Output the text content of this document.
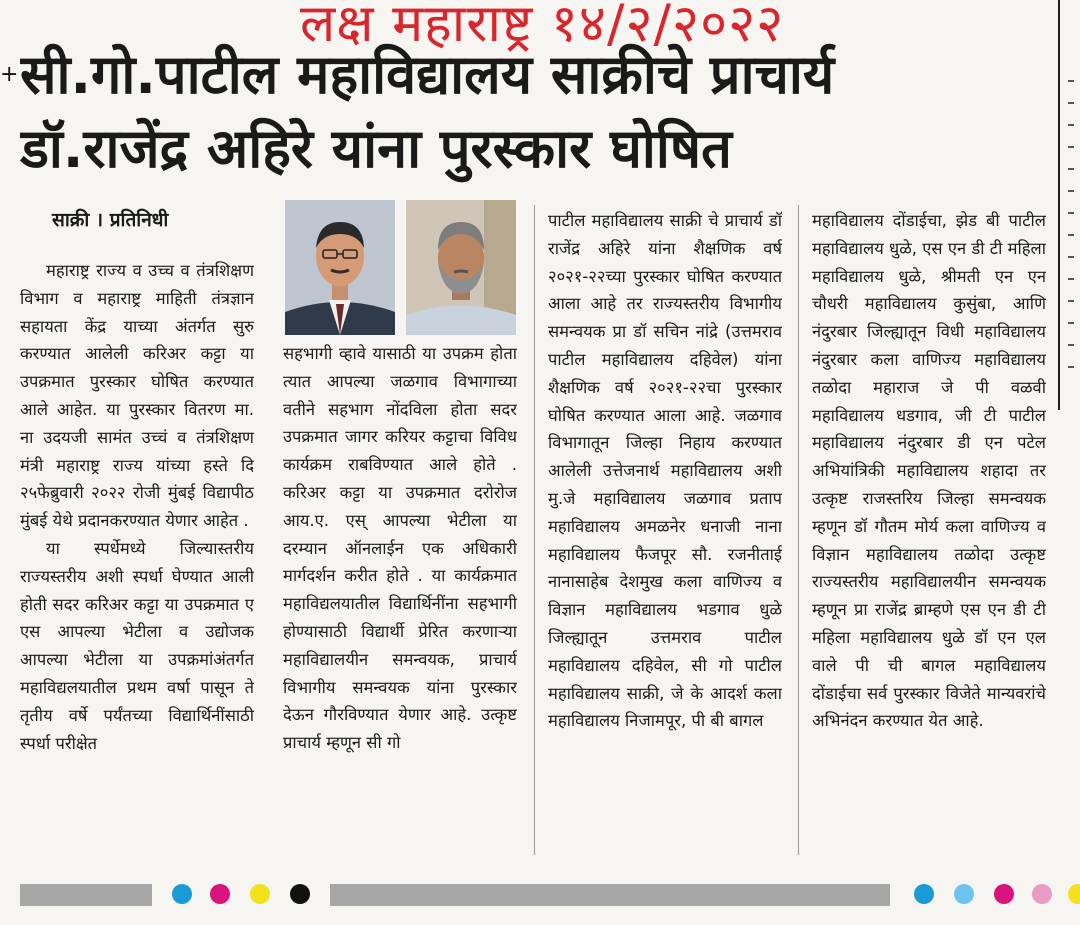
+ सी.गो.पाटील महाविद्यालय साक्रीचे प्राचार्य
डॉ.राजेंद्र अहिरे यांना पुरस्कार घोषित
लक्ष महाराष्ट्र १४/२/२०२२
साक्री । प्रतिनिधी

महाराष्ट्र राज्य व उच्च व तंत्रशिक्षण विभाग व महाराष्ट्र माहिती तंत्रज्ञान सहायता केंद्र याच्या अंतर्गत सुरु करण्यात आलेली करिअर कट्टा या उपक्रमात पुरस्कार घोषित करण्यात आले आहेत. या पुरस्कार वितरण मा. ना उदयजी सामंत उच्चं व तंत्रशिक्षण मंत्री महाराष्ट्र राज्य यांच्या हस्ते दि २५फेब्रुवारी २०२२ रोजी मुंबई विद्यापीठ मुंबई येथे प्रदानकरण्यात येणार आहेत .

या स्पर्धेमध्ये जिल्यास्तरीय राज्यस्तरीय अशी स्पर्धा घेण्यात आली होती सदर करिअर कट्टा या उपक्रमात ए एस आपल्या भेटीला व उद्योजक आपल्या भेटीला या उपक्रमांअंतर्गत महाविद्यलयातील प्रथम वर्षा पासून ते तृतीय वर्षे पर्यंतच्या विद्यार्थिनींसाठी स्पर्धा परीक्षेत

सहभागी व्हावे यासाठी या उपक्रम होता त्यात आपल्या जळगाव विभागाच्या वतीने सहभाग नोंदविला होता सदर उपक्रमात जागर करियर कट्टाचा विविध कार्यक्रम राबविण्यात आले होते . करिअर कट्टा या उपक्रमात दरोरोज आय.ए. एस् आपल्या भेटीला या दरम्यान ऑनलाईन एक अधिकारी मार्गदर्शन करीत होते . या कार्यक्रमात महाविद्यलयातील विद्यार्थिनींना सहभागी होण्यासाठी विद्यार्थी प्रेरित करणाऱ्या महाविद्यालयीन समन्वयक, प्राचार्य विभागीय समन्वयक यांना पुरस्कार देऊन गौरविण्यात येणार आहे. उत्कृष्ट प्राचार्य म्हणून सी गो

पाटील महाविद्यालय साक्री चे प्राचार्य डॉ राजेंद्र अहिरे यांना शैक्षणिक वर्ष २०२१-२२च्या पुरस्कार घोषित करण्यात आला आहे तर राज्यस्तरीय विभागीय समन्वयक प्रा डॉ सचिन नांद्रे (उत्तमराव पाटील महाविद्यालय दहिवेल) यांना शैक्षणिक वर्ष २०२१-२२चा पुरस्कार घोषित करण्यात आला आहे. जळगाव विभागातून जिल्हा निहाय करण्यात आलेली उत्तेजनार्थ महाविद्यालय अशी मु.जे महाविद्यालय जळगाव प्रताप महाविद्यालय अमळनेर धनाजी नाना महाविद्यालय फैजपूर सौ. रजनीताई नानासाहेब देशमुख कला वाणिज्य व विज्ञान महाविद्यालय भडगाव धुळे जिल्ह्यातून उत्तमराव पाटील महाविद्यालय दहिवेल, सी गो पाटील महाविद्यालय साक्री, जे के आदर्श कला महाविद्यालय निजामपूर, पी बी बागल

महाविद्यालय दोंडाईचा, झेड बी पाटील महाविद्यालय धुळे, एस एन डी टी महिला महाविद्यालय धुळे, श्रीमती एन एन चौधरी महाविद्यालय कुसुंबा, आणि नंदुरबार जिल्ह्यातून विधी महाविद्यालय नंदुरबार कला वाणिज्य महाविद्यालय तळोदा महाराज जे पी वळवी महाविद्यालय धडगाव, जी टी पाटील महाविद्यालय नंदुरबार डी एन पटेल अभियांत्रिकी महाविद्यालय शहादा तर उत्कृष्ट राजस्तरिय जिल्हा समन्वयक म्हणून डॉ गौतम मोर्य कला वाणिज्य व विज्ञान महाविद्यालय तळोदा उत्कृष्ट राज्यस्तरीय महाविद्यालयीन समन्वयक म्हणून प्रा राजेंद्र ब्राम्हणे एस एन डी टी महिला महाविद्यालय धुळे डॉ एन एल वाले पी ची बागल महाविद्यालय दोंडाईचा सर्व पुरस्कार विजेते मान्यवरांचे अभिनंदन करण्यात येत आहे.
